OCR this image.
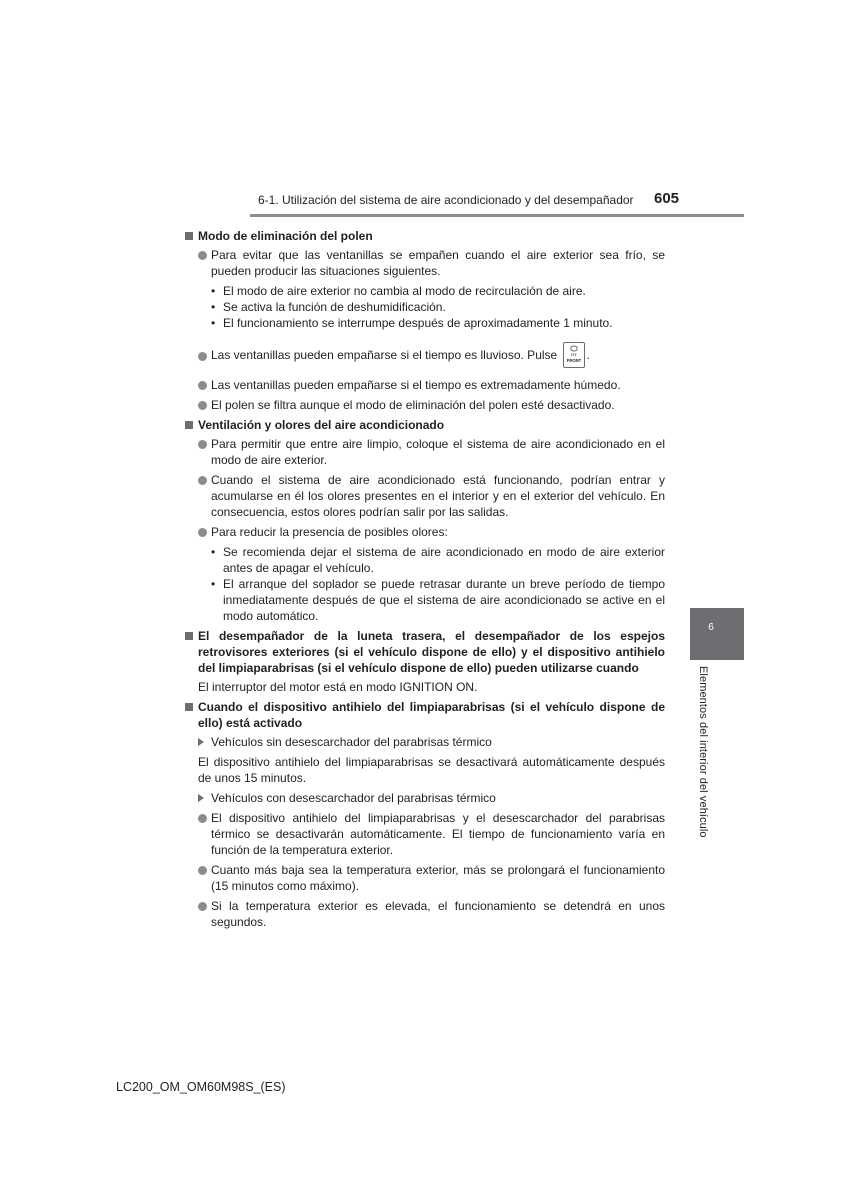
6-1. Utilización del sistema de aire acondicionado y del desempañador 605
6
Elementos del interior del vehículo
Modo de eliminación del polen
Para evitar que las ventanillas se empañen cuando el aire exterior sea frío, se pueden producir las situaciones siguientes.
• El modo de aire exterior no cambia al modo de recirculación de aire.
• Se activa la función de deshumidificación.
• El funcionamiento se interrumpe después de aproximadamente 1 minuto.
Las ventanillas pueden empañarse si el tiempo es lluvioso. Pulse FRONT .
Las ventanillas pueden empañarse si el tiempo es extremadamente húmedo.
El polen se filtra aunque el modo de eliminación del polen esté desactivado.
Ventilación y olores del aire acondicionado
Para permitir que entre aire limpio, coloque el sistema de aire acondicionado en el modo de aire exterior.
Cuando el sistema de aire acondicionado está funcionando, podrían entrar y acumularse en él los olores presentes en el interior y en el exterior del vehículo. En consecuencia, estos olores podrían salir por las salidas.
Para reducir la presencia de posibles olores:
• Se recomienda dejar el sistema de aire acondicionado en modo de aire exterior antes de apagar el vehículo.
• El arranque del soplador se puede retrasar durante un breve período de tiempo inmediatamente después de que el sistema de aire acondicionado se active en el modo automático.
El desempañador de la luneta trasera, el desempañador de los espejos retrovisores exteriores (si el vehículo dispone de ello) y el dispositivo antihielo del limpiaparabrisas (si el vehículo dispone de ello) pueden utilizarse cuando
El interruptor del motor está en modo IGNITION ON.
Cuando el dispositivo antihielo del limpiaparabrisas (si el vehículo dispone de ello) está activado
Vehículos sin desescarchador del parabrisas térmico
El dispositivo antihielo del limpiaparabrisas se desactivará automáticamente después de unos 15 minutos.
Vehículos con desescarchador del parabrisas térmico
El dispositivo antihielo del limpiaparabrisas y el desescarchador del parabrisas térmico se desactivarán automáticamente. El tiempo de funcionamiento varía en función de la temperatura exterior.
Cuanto más baja sea la temperatura exterior, más se prolongará el funcionamiento (15 minutos como máximo).
Si la temperatura exterior es elevada, el funcionamiento se detendrá en unos segundos.
LC200_OM_OM60M98S_(ES)
